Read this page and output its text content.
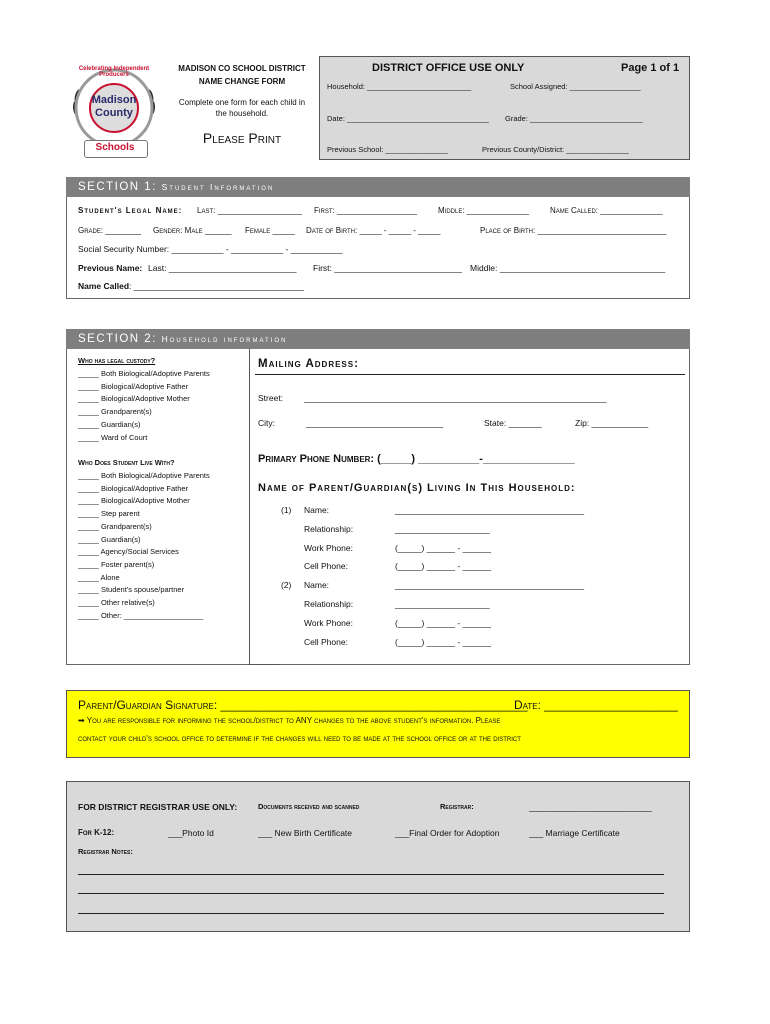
Celebrating Independent Producers
Madison
County
Schools
MADISON CO SCHOOL DISTRICT
NAME CHANGE FORM
Complete one form for each child in the household.
Please Print
DISTRICT OFFICE USE ONLY	Page 1 of 1
Household: _________________________	School Assigned: _________________
Date: __________________________________ Grade: ___________________________
Previous School: _______________	Previous County/District: _______________
SECTION 1: Student Information
Student's Legal Name: Last: ___________________ First: __________________	Middle: ______________	Name Called: ______________
Grade: ________ Gender: Male ______ Female _____ Date of Birth: _____ - _____ - _____	Place of Birth: _____________________________
Social Security Number: ___________ - ___________ - ___________
Previous Name: Last: ___________________________ First: ___________________________ Middle: ___________________________________
Name Called: ____________________________________
SECTION 2: Household information
Who has legal custody?
_____ Both Biological/Adoptive Parents
_____ Biological/Adoptive Father
_____ Biological/Adoptive Mother
_____ Grandparent(s)
_____ Guardian(s)
_____ Ward of Court
Who Does Student Live With?
_____ Both Biological/Adoptive Parents
_____ Biological/Adoptive Father
_____ Biological/Adoptive Mother
_____ Step parent
_____ Grandparent(s)
_____ Guardian(s)
_____ Agency/Social Services
_____ Foster parent(s)
_____ Alone
_____ Student's spouse/partner
_____ Other relative(s)
_____ Other: ___________________
Mailing Address:
Street: ________________________________________________________________
City:	_____________________________	State: _______	Zip: ____________
Primary Phone Number: (_____) __________-_______________
Name of Parent/Guardian(s) Living In This Household:
(1) Name:	________________________________________
Relationship:	____________________
Work Phone:	(_____) ______ - ______
Cell Phone:	(_____) ______ - ______
(2) Name:	________________________________________
Relationship:	____________________
Work Phone:	(_____) ______ - ______
Cell Phone:	(_____) ______ - ______
Parent/Guardian Signature: ______________________________________________
Date: ____________________
➡ You are responsible for informing the school/district to ANY changes to the above student's information. Please
contact your child's school office to determine if the changes will need to be made at the school office or at the district
FOR DISTRICT REGISTRAR USE ONLY:	Documents received and scanned	Registrar:	__________________________
For K-12:	___Photo Id	___ New Birth Certificate	___Final Order for Adoption	___ Marriage Certificate
Registrar Notes:
